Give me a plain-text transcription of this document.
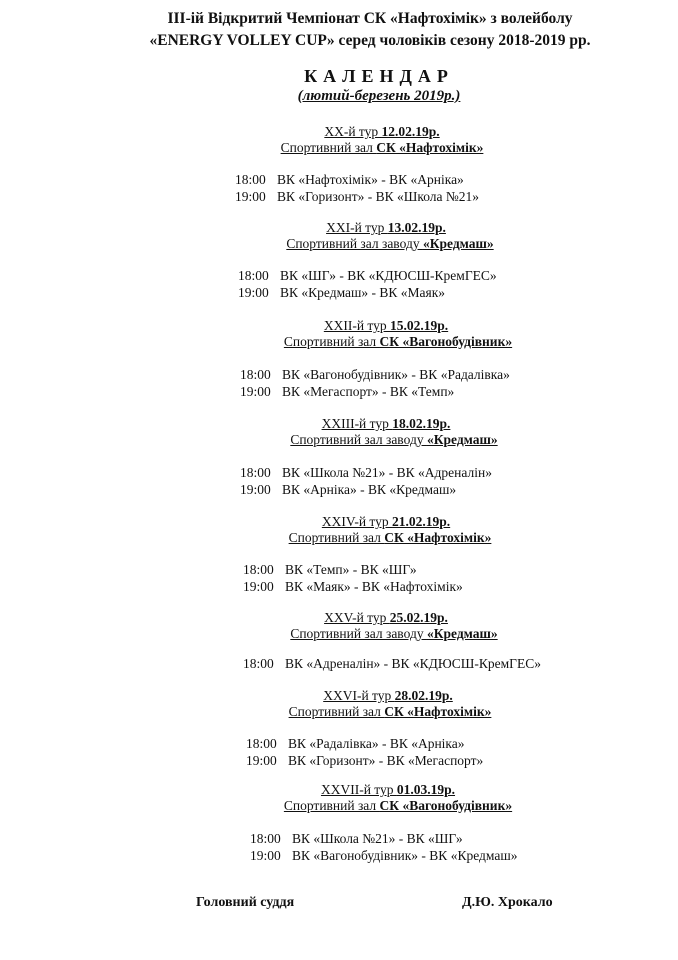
III-ій Відкритий Чемпіонат СК «Нафтохімік» з волейболу
«ENERGY VOLLEY CUP» серед чоловіків сезону 2018-2019 рр.
КАЛЕНДАР
(лютий-березень 2019р.)
XX-й тур 12.02.19р.
Спортивний зал СК «Нафтохімік»
18:00 ВК «Нафтохімік» - ВК «Арніка»
19:00 ВК «Горизонт» - ВК «Школа №21»
XXI-й тур 13.02.19р.
Спортивний зал заводу «Кредмаш»
18:00 ВК «ШГ» - ВК «КДЮСШ-КремГЕС»
19:00 ВК «Кредмаш» - ВК «Маяк»
XXII-й тур 15.02.19р.
Спортивний зал СК «Вагонобудівник»
18:00 ВК «Вагонобудівник» - ВК «Радалівка»
19:00 ВК «Мегаспорт» - ВК «Темп»
XXIII-й тур 18.02.19р.
Спортивний зал заводу «Кредмаш»
18:00 ВК «Школа №21» - ВК «Адреналін»
19:00 ВК «Арніка» - ВК «Кредмаш»
XXIV-й тур 21.02.19р.
Спортивний зал СК «Нафтохімік»
18:00 ВК «Темп» - ВК «ШГ»
19:00 ВК «Маяк» - ВК «Нафтохімік»
XXV-й тур 25.02.19р.
Спортивний зал заводу «Кредмаш»
18:00 ВК «Адреналін» - ВК «КДЮСШ-КремГЕС»
XXVI-й тур 28.02.19р.
Спортивний зал СК «Нафтохімік»
18:00 ВК «Радалівка» - ВК «Арніка»
19:00 ВК «Горизонт» - ВК «Мегаспорт»
XXVII-й тур 01.03.19р.
Спортивний зал СК «Вагонобудівник»
18:00 ВК «Школа №21» - ВК «ШГ»
19:00 ВК «Вагонобудівник» - ВК «Кредмаш»
Головний суддя	Д.Ю. Хрокало
